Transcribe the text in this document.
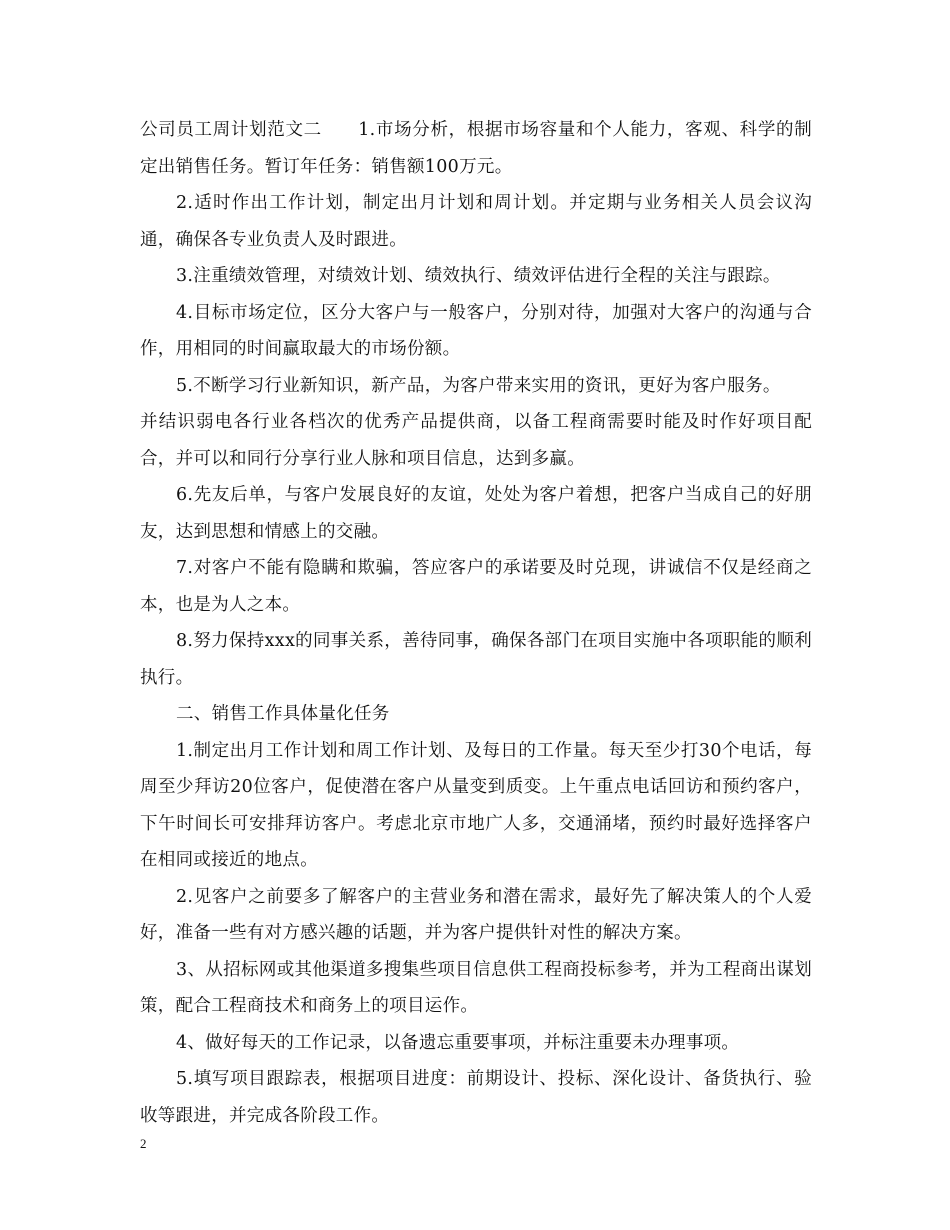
公司员工周计划范文二　　1.市场分析，根据市场容量和个人能力，客观、科学的制定出销售任务。暂订年任务：销售额100万元。

2.适时作出工作计划，制定出月计划和周计划。并定期与业务相关人员会议沟通，确保各专业负责人及时跟进。

3.注重绩效管理，对绩效计划、绩效执行、绩效评估进行全程的关注与跟踪。

4.目标市场定位，区分大客户与一般客户，分别对待，加强对大客户的沟通与合作，用相同的时间赢取最大的市场份额。

5.不断学习行业新知识，新产品，为客户带来实用的资讯，更好为客户服务。

并结识弱电各行业各档次的优秀产品提供商，以备工程商需要时能及时作好项目配合，并可以和同行分享行业人脉和项目信息，达到多赢。

6.先友后单，与客户发展良好的友谊，处处为客户着想，把客户当成自己的好朋友，达到思想和情感上的交融。

7.对客户不能有隐瞒和欺骗，答应客户的承诺要及时兑现，讲诚信不仅是经商之本，也是为人之本。

8.努力保持xxx的同事关系，善待同事，确保各部门在项目实施中各项职能的顺利执行。

二、销售工作具体量化任务

1.制定出月工作计划和周工作计划、及每日的工作量。每天至少打30个电话，每周至少拜访20位客户，促使潜在客户从量变到质变。上午重点电话回访和预约客户，下午时间长可安排拜访客户。考虑北京市地广人多，交通涌堵，预约时最好选择客户在相同或接近的地点。

2.见客户之前要多了解客户的主营业务和潜在需求，最好先了解决策人的个人爱好，准备一些有对方感兴趣的话题，并为客户提供针对性的解决方案。

3、从招标网或其他渠道多搜集些项目信息供工程商投标参考，并为工程商出谋划策，配合工程商技术和商务上的项目运作。

4、做好每天的工作记录，以备遗忘重要事项，并标注重要未办理事项。

5.填写项目跟踪表，根据项目进度：前期设计、投标、深化设计、备货执行、验收等跟进，并完成各阶段工作。

2
